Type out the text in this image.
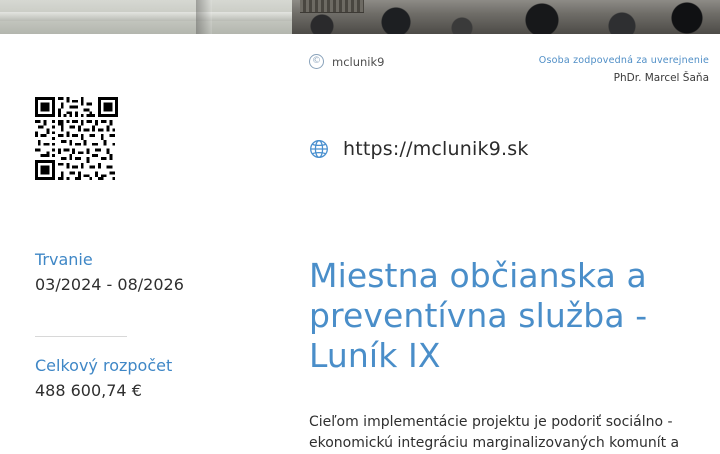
Trvanie

03/2024 - 08/2026

Celkový rozpočet

488 600,74 €

© mclunik9	Osoba zodpovedná za uverejnenie
PhDr. Marcel Šaňa
https://mclunik9.sk
Miestna občianska a preventívna služba - Luník IX

Cieľom implementácie projektu je podoriť sociálno - ekonomickú integráciu marginalizovaných komunít a
